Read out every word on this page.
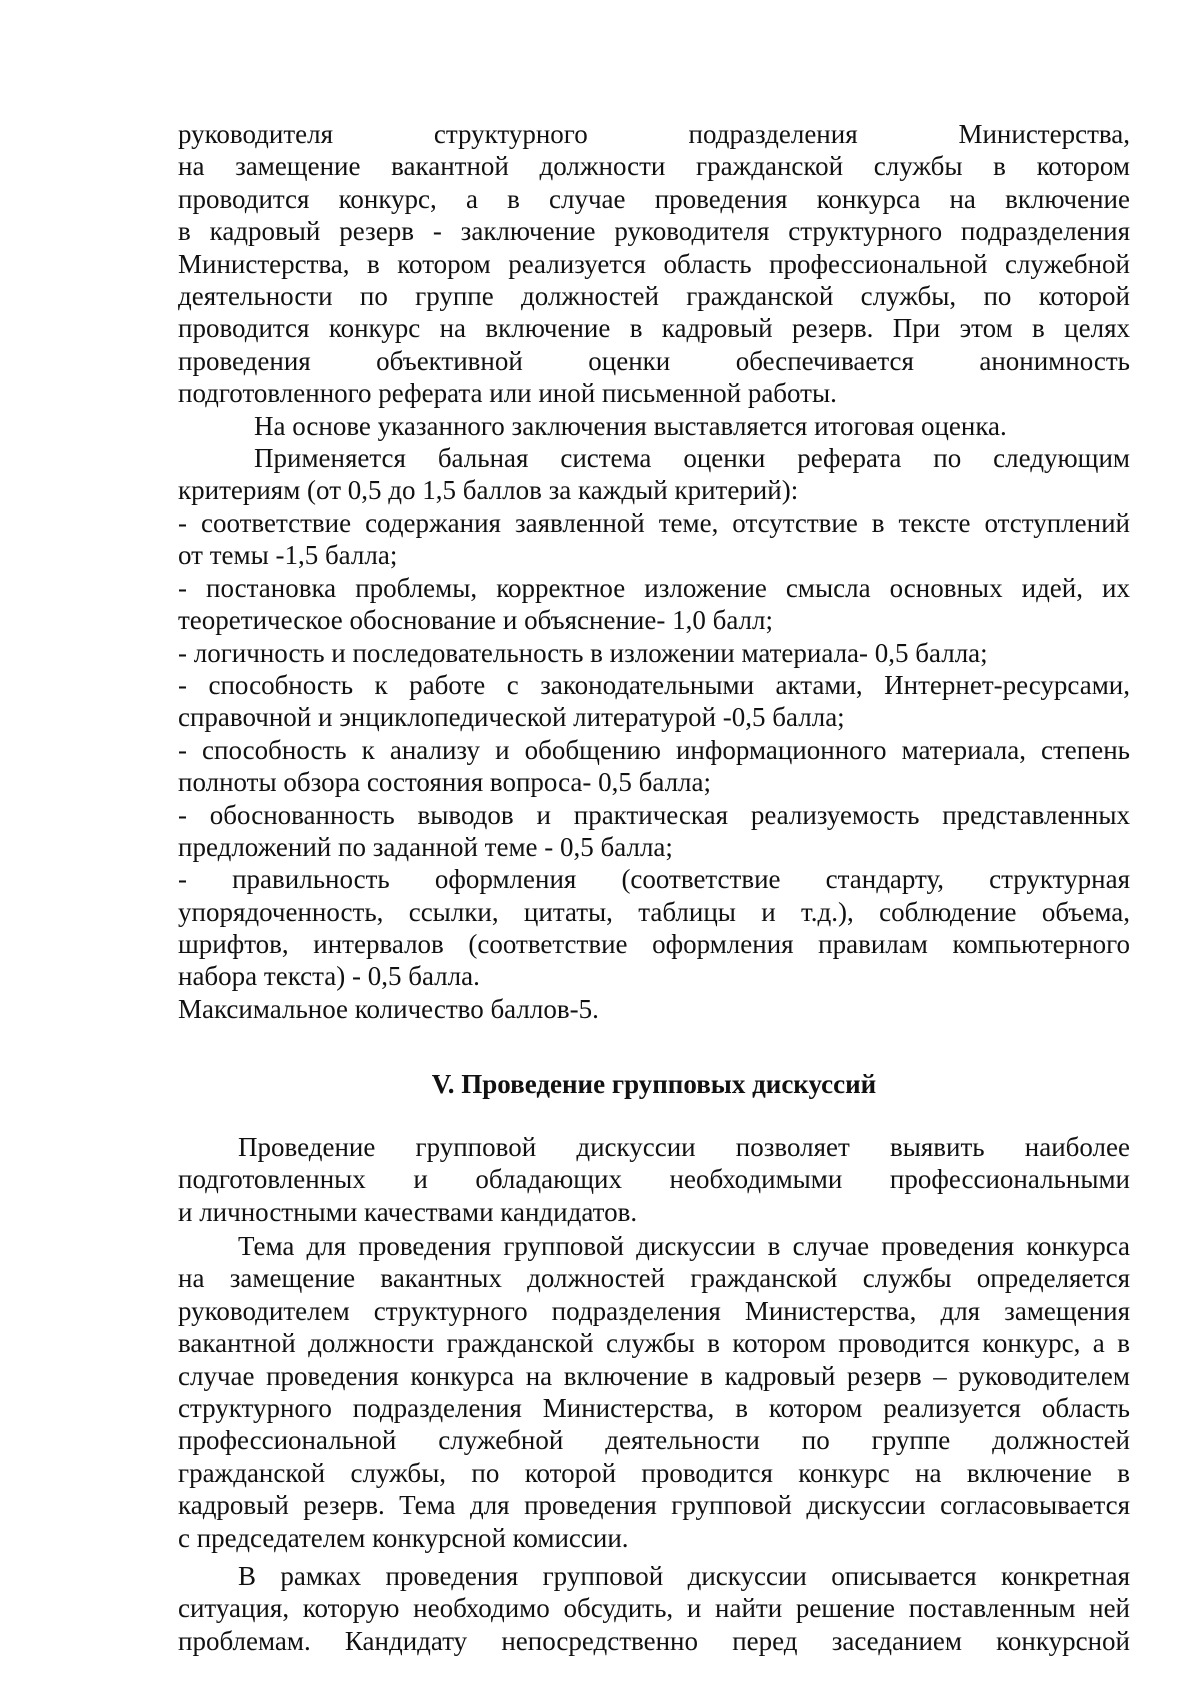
руководителя структурного подразделения Министерства,
на замещение вакантной должности гражданской службы в котором
проводится конкурс, а в случае проведения конкурса на включение
в кадровый резерв - заключение руководителя структурного подразделения
Министерства, в котором реализуется область профессиональной служебной
деятельности по группе должностей гражданской службы, по которой
проводится конкурс на включение в кадровый резерв. При этом в целях
проведения объективной оценки обеспечивается анонимность
подготовленного реферата или иной письменной работы.
На основе указанного заключения выставляется итоговая оценка.
Применяется бальная система оценки реферата по следующим
критериям (от 0,5 до 1,5 баллов за каждый критерий):
- соответствие содержания заявленной теме, отсутствие в тексте отступлений
от темы -1,5 балла;
- постановка проблемы, корректное изложение смысла основных идей, их
теоретическое обоснование и объяснение- 1,0 балл;
- логичность и последовательность в изложении материала- 0,5 балла;
- способность к работе с законодательными актами, Интернет-ресурсами,
справочной и энциклопедической литературой -0,5 балла;
- способность к анализу и обобщению информационного материала, степень
полноты обзора состояния вопроса- 0,5 балла;
- обоснованность выводов и практическая реализуемость представленных
предложений по заданной теме - 0,5 балла;
- правильность оформления (соответствие стандарту, структурная
упорядоченность, ссылки, цитаты, таблицы и т.д.), соблюдение объема,
шрифтов, интервалов (соответствие оформления правилам компьютерного
набора текста) - 0,5 балла.
Максимальное количество баллов-5.
V. Проведение групповых дискуссий
Проведение групповой дискуссии позволяет выявить наиболее
подготовленных и обладающих необходимыми профессиональными
и личностными качествами кандидатов.
Тема для проведения групповой дискуссии в случае проведения конкурса
на замещение вакантных должностей гражданской службы определяется
руководителем структурного подразделения Министерства, для замещения
вакантной должности гражданской службы в котором проводится конкурс, а в
случае проведения конкурса на включение в кадровый резерв – руководителем
структурного подразделения Министерства, в котором реализуется область
профессиональной служебной деятельности по группе должностей
гражданской службы, по которой проводится конкурс на включение в
кадровый резерв. Тема для проведения групповой дискуссии согласовывается
с председателем конкурсной комиссии.
В рамках проведения групповой дискуссии описывается конкретная
ситуация, которую необходимо обсудить, и найти решение поставленным ней
проблемам. Кандидату непосредственно перед заседанием конкурсной
